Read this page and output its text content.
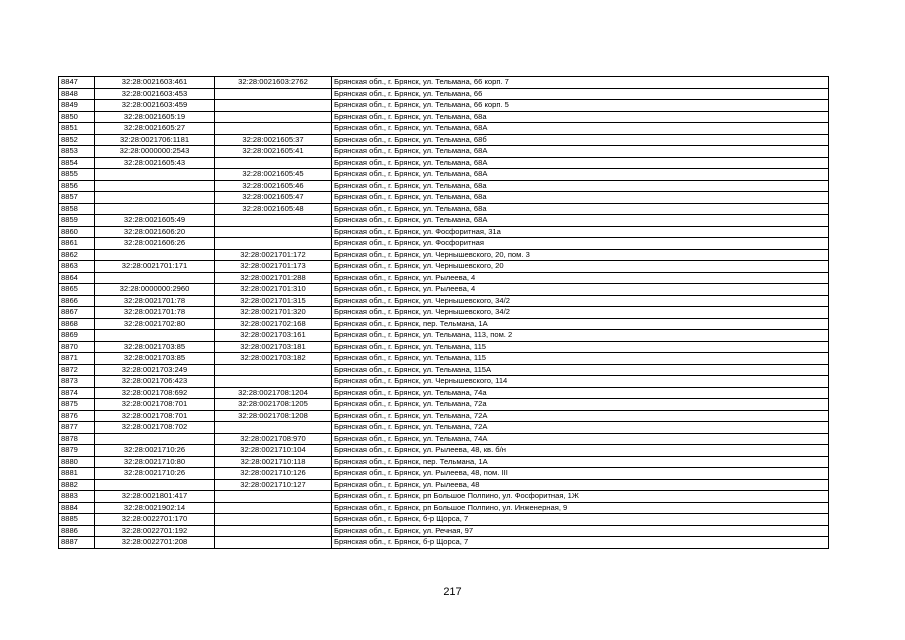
8847	32:28:0021603:461	32:28:0021603:2762	Брянская обл., г. Брянск, ул. Тельмана, 66 корп. 7
8848	32:28:0021603:453		Брянская обл., г. Брянск, ул. Тельмана, 66
8849	32:28:0021603:459		Брянская обл., г. Брянск, ул. Тельмана, 66 корп. 5
8850	32:28:0021605:19		Брянская обл., г. Брянск, ул. Тельмана, 68а
8851	32:28:0021605:27		Брянская обл., г. Брянск, ул. Тельмана, 68А
8852	32:28:0021706:1181	32:28:0021605:37	Брянская обл., г. Брянск, ул. Тельмана, 68б
8853	32:28:0000000:2543	32:28:0021605:41	Брянская обл., г. Брянск, ул. Тельмана, 68А
8854	32:28:0021605:43		Брянская обл., г. Брянск, ул. Тельмана, 68А
8855		32:28:0021605:45	Брянская обл., г. Брянск, ул. Тельмана, 68А
8856		32:28:0021605:46	Брянская обл., г. Брянск, ул. Тельмана, 68а
8857		32:28:0021605:47	Брянская обл., г. Брянск, ул. Тельмана, 68а
8858		32:28:0021605:48	Брянская обл., г. Брянск, ул. Тельмана, 68а
8859	32:28:0021605:49		Брянская обл., г. Брянск, ул. Тельмана, 68А
8860	32:28:0021606:20		Брянская обл., г. Брянск, ул. Фосфоритная, 31а
8861	32:28:0021606:26		Брянская обл., г. Брянск, ул. Фосфоритная
8862		32:28:0021701:172	Брянская обл., г. Брянск, ул. Чернышевского, 20, пом. 3
8863	32:28:0021701:171	32:28:0021701:173	Брянская обл., г. Брянск, ул. Чернышевского, 20
8864		32:28:0021701:288	Брянская обл., г. Брянск, ул. Рылеева, 4
8865	32:28:0000000:2960	32:28:0021701:310	Брянская обл., г. Брянск, ул. Рылеева, 4
8866	32:28:0021701:78	32:28:0021701:315	Брянская обл., г. Брянск, ул. Чернышевского, 34/2
8867	32:28:0021701:78	32:28:0021701:320	Брянская обл., г. Брянск, ул. Чернышевского, 34/2
8868	32:28:0021702:80	32:28:0021702:168	Брянская обл., г. Брянск, пер. Тельмана, 1А
8869		32:28:0021703:161	Брянская обл., г. Брянск, ул. Тельмана, 113, пом. 2
8870	32:28:0021703:85	32:28:0021703:181	Брянская обл., г. Брянск, ул. Тельмана, 115
8871	32:28:0021703:85	32:28:0021703:182	Брянская обл., г. Брянск, ул. Тельмана, 115
8872	32:28:0021703:249		Брянская обл., г. Брянск, ул. Тельмана, 115А
8873	32:28:0021706:423		Брянская обл., г. Брянск, ул. Чернышевского, 114
8874	32:28:0021708:692	32:28:0021708:1204	Брянская обл., г. Брянск, ул. Тельмана, 74а
8875	32:28:0021708:701	32:28:0021708:1205	Брянская обл., г. Брянск, ул. Тельмана, 72а
8876	32:28:0021708:701	32:28:0021708:1208	Брянская обл., г. Брянск, ул. Тельмана, 72А
8877	32:28:0021708:702		Брянская обл., г. Брянск, ул. Тельмана, 72А
8878		32:28:0021708:970	Брянская обл., г. Брянск, ул. Тельмана, 74А
8879	32:28:0021710:26	32:28:0021710:104	Брянская обл., г. Брянск, ул. Рылеева, 48, кв. б/н
8880	32:28:0021710:80	32:28:0021710:118	Брянская обл., г. Брянск, пер. Тельмана, 1А
8881	32:28:0021710:26	32:28:0021710:126	Брянская обл., г. Брянск, ул. Рылеева, 48, пом. III
8882		32:28:0021710:127	Брянская обл., г. Брянск, ул. Рылеева, 48
8883	32:28:0021801:417		Брянская обл., г. Брянск, рп Большое Полпино, ул. Фосфоритная, 1Ж
8884	32:28:0021902:14		Брянская обл., г. Брянск, рп Большое Полпино, ул. Инженерная, 9
8885	32:28:0022701:170		Брянская обл., г. Брянск, б-р Щорса, 7
8886	32:28:0022701:192		Брянская обл., г. Брянск, ул. Речная, 97
8887	32:28:0022701:208		Брянская обл., г. Брянск, б-р Щорса, 7
217
